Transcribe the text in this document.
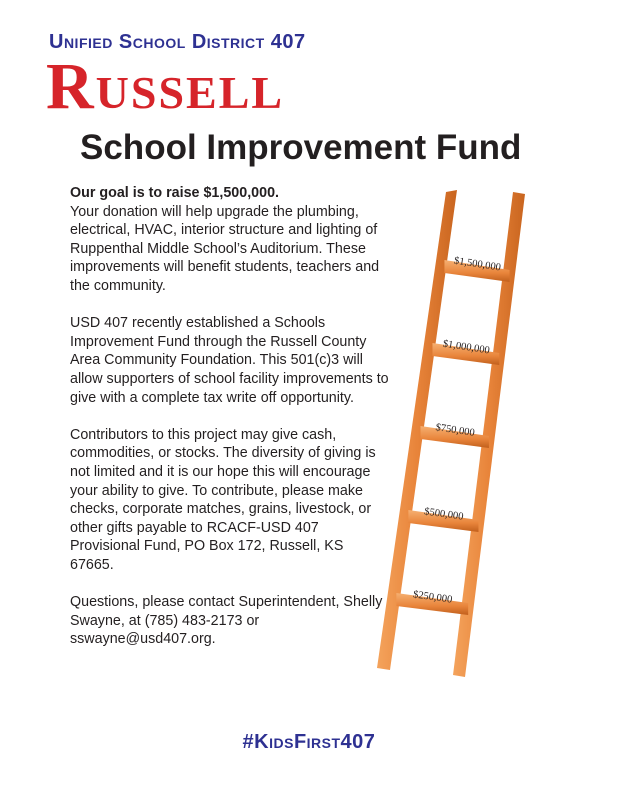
Unified School District 407
Russell
School Improvement Fund
Our goal is to raise $1,500,000.

Your donation will help upgrade the plumbing, electrical, HVAC, interior structure and lighting of Ruppenthal Middle School’s Auditorium. These improvements will benefit students, teachers and the community.

USD 407 recently established a Schools Improvement Fund through the Russell County Area Community Foundation. This 501(c)3 will allow supporters of school facility improvements to give with a complete tax write off opportunity.

Contributors to this project may give cash, commodities, or stocks. The diversity of giving is not limited and it is our hope this will encourage your ability to give. To contribute, please make checks, corporate matches, grains, livestock, or other gifts payable to RCACF-USD 407 Provisional Fund, PO Box 172, Russell, KS 67665.

Questions, please contact Superintendent, Shelly Swayne, at (785) 483-2173 or sswayne@usd407.org.

$1,500,000
$1,000,000
$750,000
$500,000
$250,000
#KidsFirst407
